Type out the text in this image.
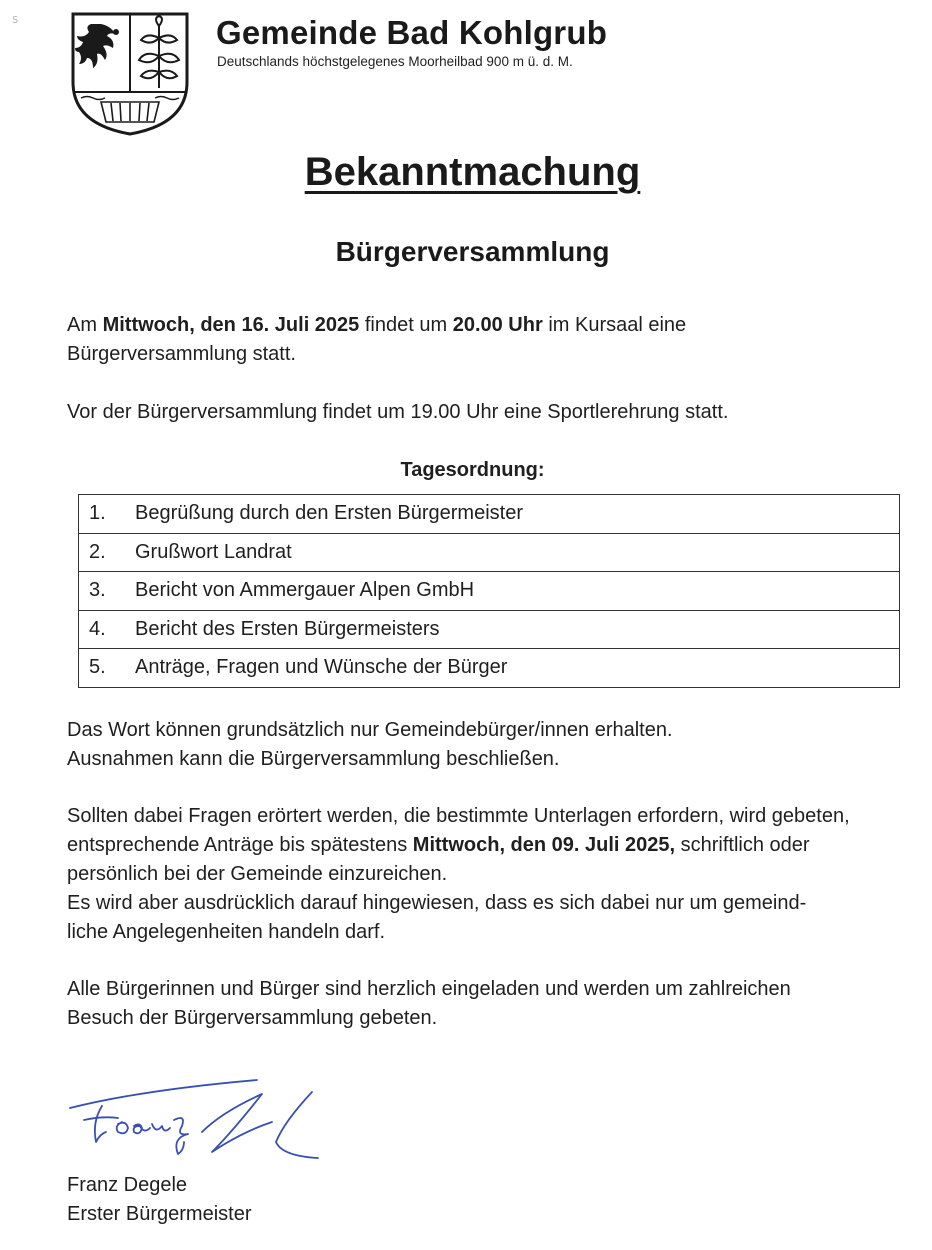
ꜱ	Gemeinde Bad Kohlgrub
Deutschlands höchstgelegenes Moorheilbad 900 m ü. d. M.
Bekanntmachung
Bürgerversammlung
Am Mittwoch, den 16. Juli 2025 findet um 20.00 Uhr im Kursaal eine
Bürgerversammlung statt.
Vor der Bürgerversammlung findet um 19.00 Uhr eine Sportlerehrung statt.
Tagesordnung:
1.	Begrüßung durch den Ersten Bürgermeister
2.	Grußwort Landrat
3.	Bericht von Ammergauer Alpen GmbH
4.	Bericht des Ersten Bürgermeisters
5.	Anträge, Fragen und Wünsche der Bürger
Das Wort können grundsätzlich nur Gemeindebürger/innen erhalten.
Ausnahmen kann die Bürgerversammlung beschließen.
Sollten dabei Fragen erörtert werden, die bestimmte Unterlagen erfordern, wird gebeten,
entsprechende Anträge bis spätestens Mittwoch, den 09. Juli 2025, schriftlich oder
persönlich bei der Gemeinde einzureichen.
Es wird aber ausdrücklich darauf hingewiesen, dass es sich dabei nur um gemeind-
liche Angelegenheiten handeln darf.
Alle Bürgerinnen und Bürger sind herzlich eingeladen und werden um zahlreichen
Besuch der Bürgerversammlung gebeten.
Franz Degele
Erster Bürgermeister
